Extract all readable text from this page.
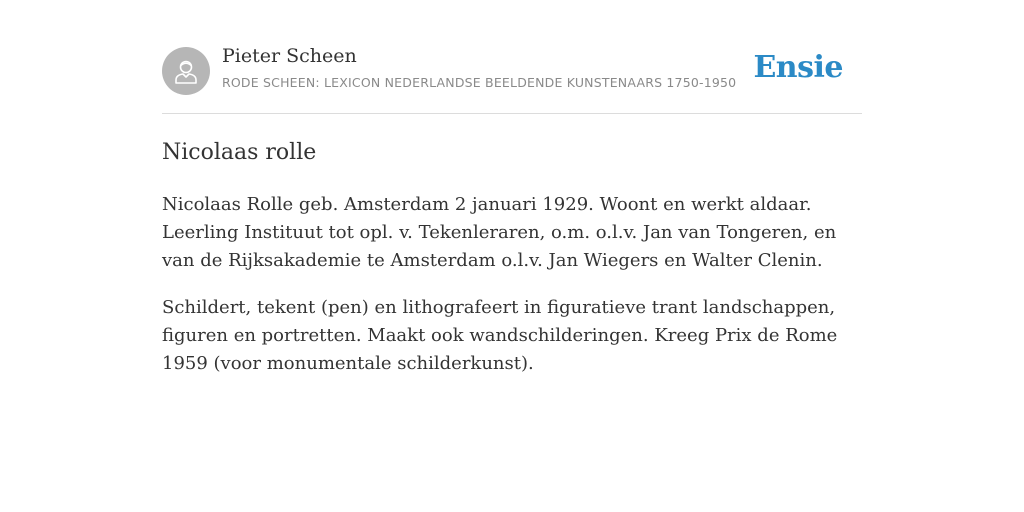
Pieter Scheen
RODE SCHEEN: LEXICON NEDERLANDSE BEELDENDE KUNSTENAARS 1750-1950 Ensie
Nicolaas rolle

Nicolaas Rolle geb. Amsterdam 2 januari 1929. Woont en werkt aldaar. Leerling Instituut tot opl. v. Tekenleraren, o.m. o.l.v. Jan van Tongeren, en van de Rijksakademie te Amsterdam o.l.v. Jan Wiegers en Walter Clenin.

Schildert, tekent (pen) en lithografeert in figuratieve trant landschappen, figuren en portretten. Maakt ook wandschilderingen. Kreeg Prix de Rome 1959 (voor monumentale schilderkunst).
